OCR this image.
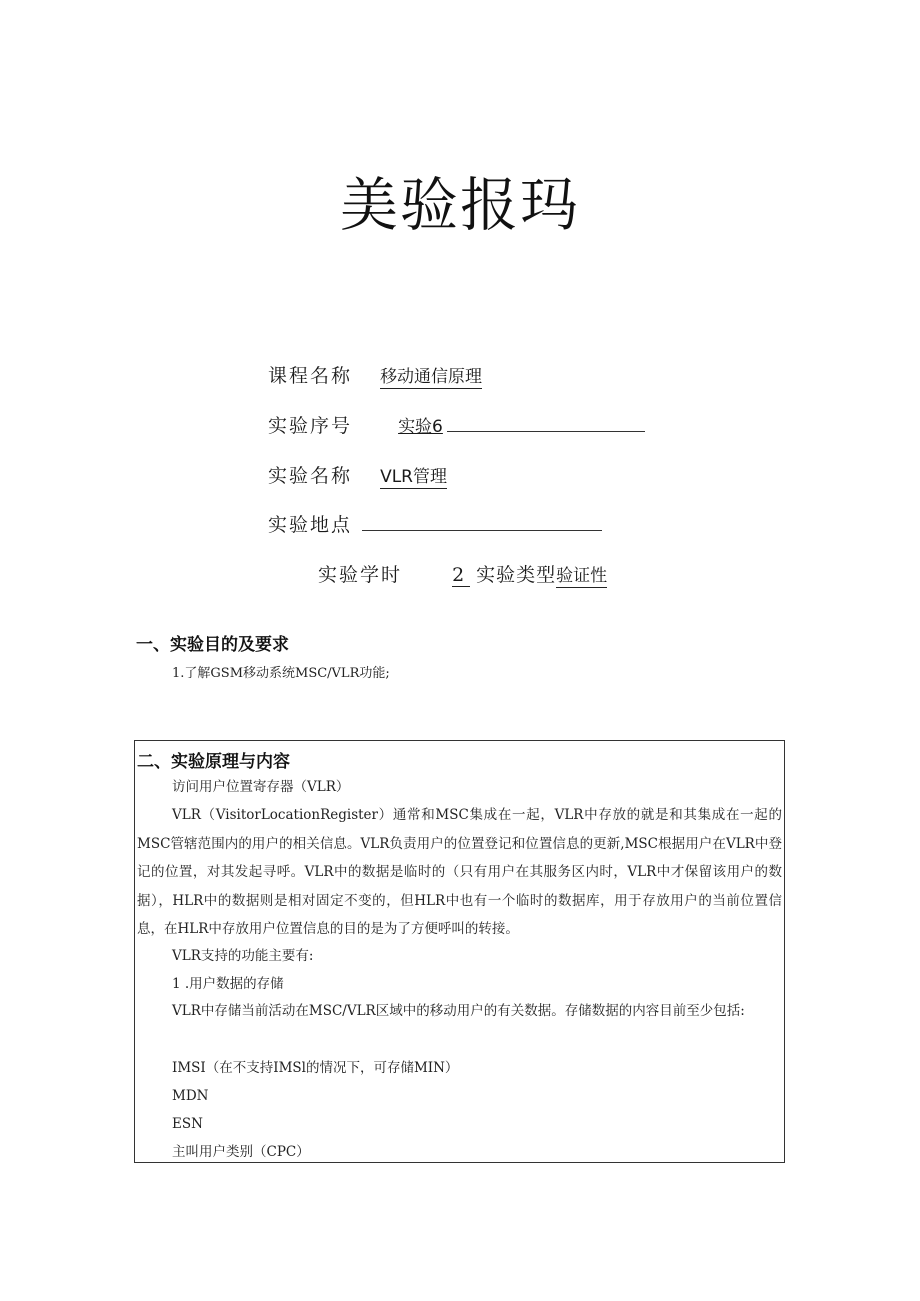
美验报玛
课程名称 移动通信原理
实验序号	实验6
实验名称 VLR管理
实验地点
实验学时	2 实验类型验证性
一、实验目的及要求
1.了解GSM移动系统MSC/VLR功能;
二、实验原理与内容
访问用户位置寄存器（VLR）
VLR（VisitorLocationRegister）通常和MSC集成在一起，VLR中存放的就是和其集成在一起的MSC管辖范围内的用户的相关信息。VLR负责用户的位置登记和位置信息的更新,MSC根据用户在VLR中登记的位置，对其发起寻呼。VLR中的数据是临时的（只有用户在其服务区内时，VLR中才保留该用户的数据），HLR中的数据则是相对固定不变的，但HLR中也有一个临时的数据库，用于存放用户的当前位置信息，在HLR中存放用户位置信息的目的是为了方便呼叫的转接。
VLR支持的功能主要有:
1 .用户数据的存储
VLR中存储当前活动在MSC/VLR区域中的移动用户的有关数据。存储数据的内容目前至少包括:
IMSI（在不支持IMSl的情况下，可存储MIN）
MDN
ESN
主叫用户类别（CPC）
